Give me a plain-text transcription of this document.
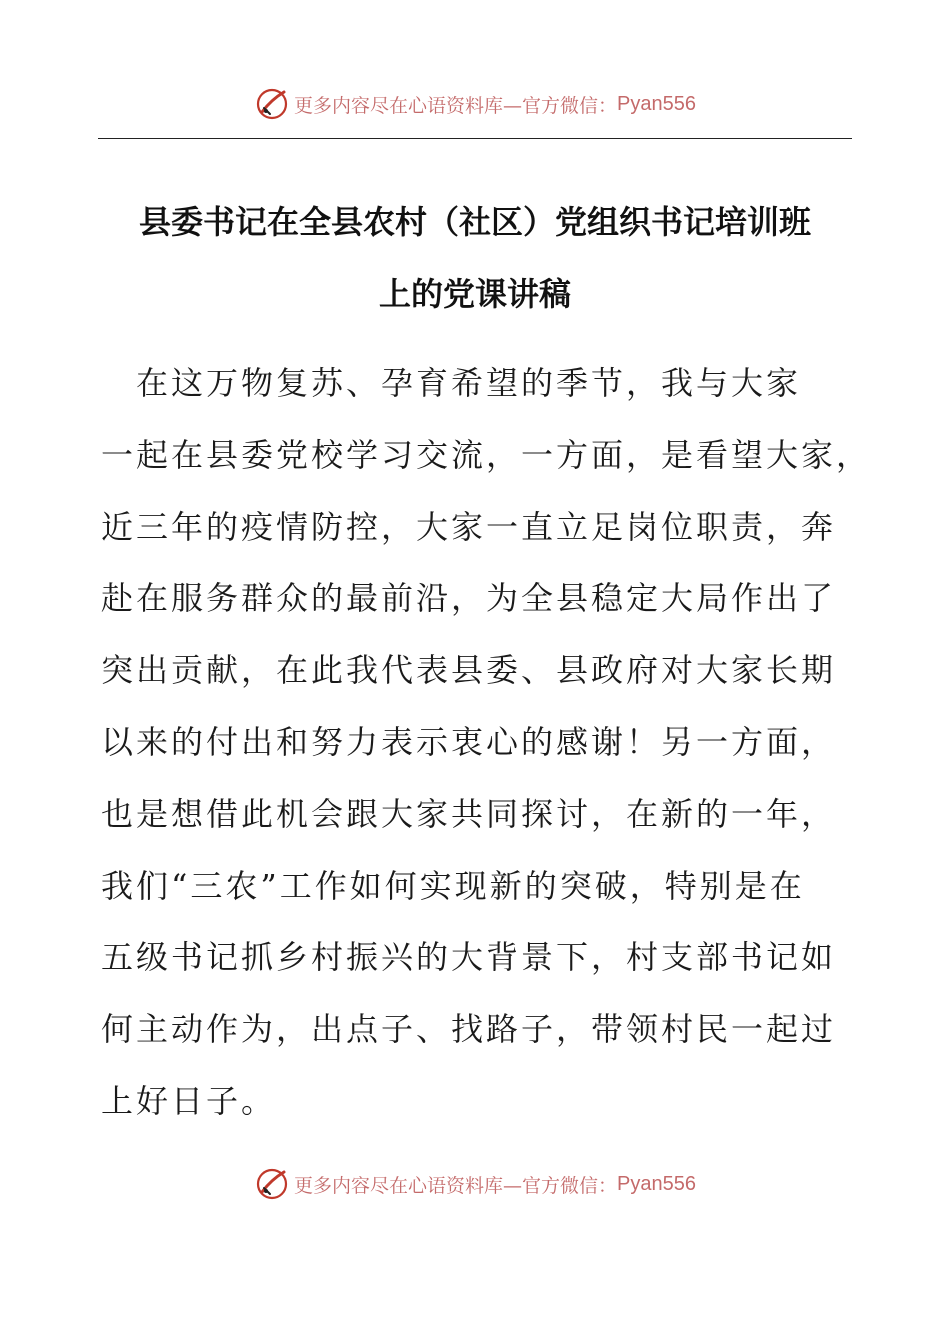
更多内容尽在心语资料库—官方微信： Pyan556
县委书记在全县农村（社区）党组织书记培训班
上的党课讲稿

　在这万物复苏、孕育希望的季节，我与大家
一起在县委党校学习交流，一方面，是看望大家，
近三年的疫情防控，大家一直立足岗位职责，奔
赴在服务群众的最前沿，为全县稳定大局作出了
突出贡献，在此我代表县委、县政府对大家长期
以来的付出和努力表示衷心的感谢！另一方面，
也是想借此机会跟大家共同探讨，在新的一年，
我们“三农”工作如何实现新的突破，特别是在
五级书记抓乡村振兴的大背景下，村支部书记如
何主动作为，出点子、找路子，带领村民一起过
上好日子。

更多内容尽在心语资料库—官方微信： Pyan556
